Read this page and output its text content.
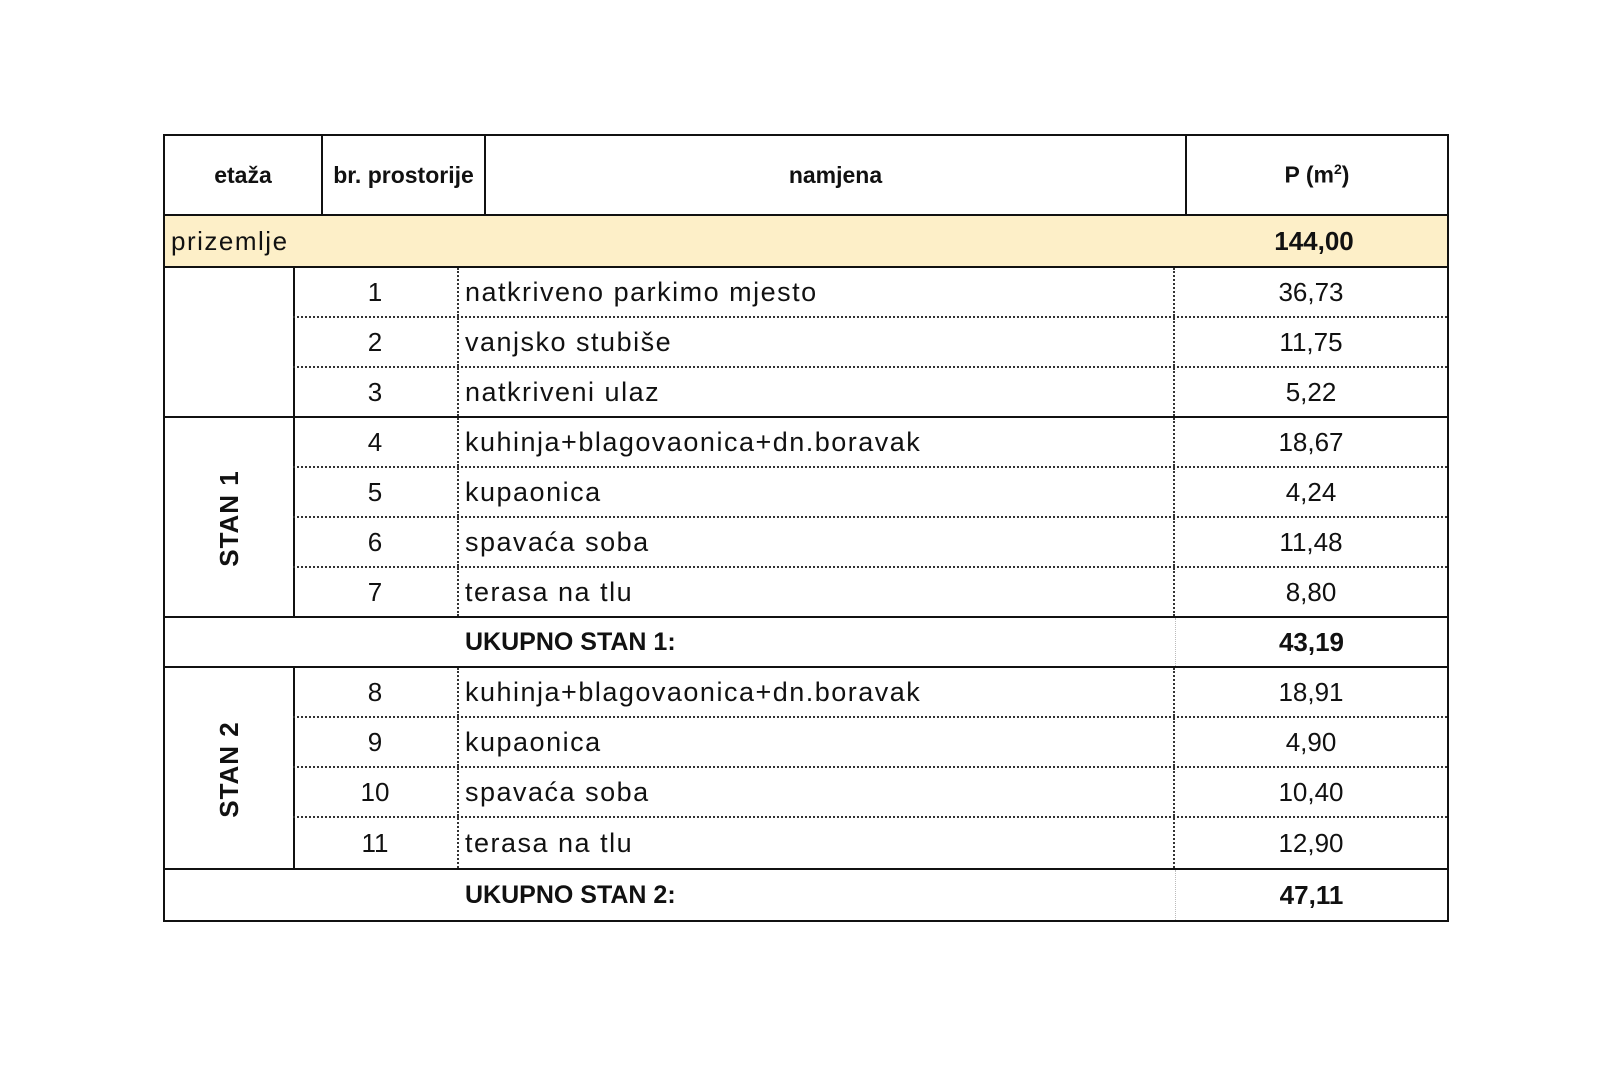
etaža	br. prostorije	namjena	P $(m^2)$
prizemlje	144,00
1	natkriveno parkimo mjesto	36,73
2	vanjsko stubiše	11,75
3	natkriveni ulaz	5,22
STAN 1
4	kuhinja+blagovaonica+dn.boravak	18,67
5	kupaonica	4,24
6	spavaća soba	11,48
7	terasa na tlu	8,80
UKUPNO STAN 1:	43,19
STAN 2
8	kuhinja+blagovaonica+dn.boravak	18,91
9	kupaonica	4,90
10	spavaća soba	10,40
11	terasa na tlu	12,90
UKUPNO STAN 2:	47,11
